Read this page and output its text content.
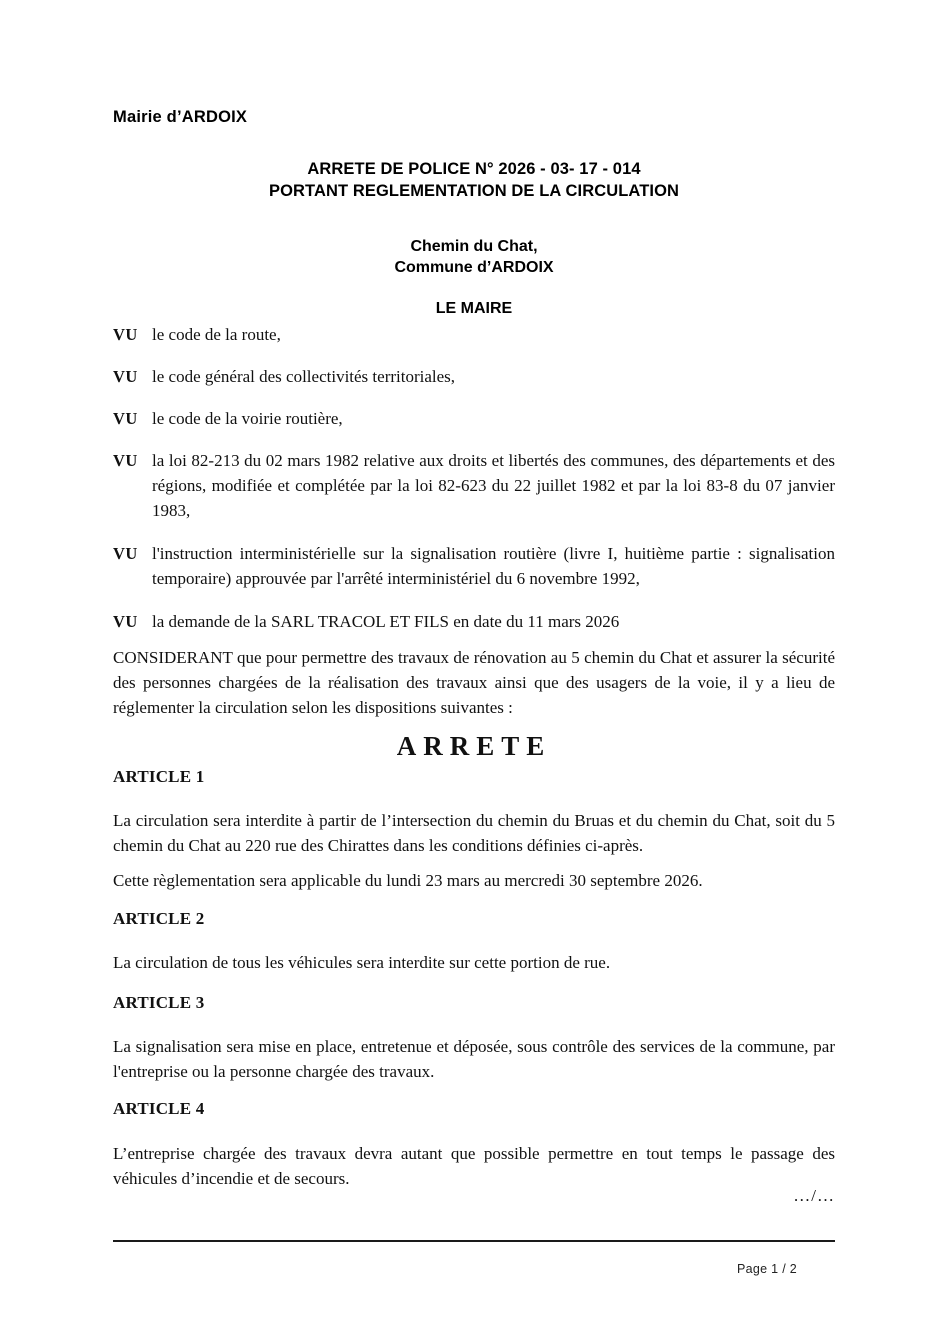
Mairie d’ARDOIX
ARRETE DE POLICE N° 2026 - 03- 17 - 014
PORTANT REGLEMENTATION DE LA CIRCULATION
Chemin du Chat,
Commune d’ARDOIX
LE MAIRE
VU le code de la route,
VU le code général des collectivités territoriales,
VU le code de la voirie routière,
VU la loi 82-213 du 02 mars 1982 relative aux droits et libertés des communes, des départements et des régions, modifiée et complétée par la loi 82-623 du 22 juillet 1982 et par la loi 83-8 du 07 janvier 1983,
VU l'instruction interministérielle sur la signalisation routière (livre I, huitième partie : signalisation temporaire) approuvée par l'arrêté interministériel du 6 novembre 1992,
VU la demande de la SARL TRACOL ET FILS en date du 11 mars 2026
CONSIDERANT que pour permettre des travaux de rénovation au 5 chemin du Chat et assurer la sécurité des personnes chargées de la réalisation des travaux ainsi que des usagers de la voie, il y a lieu de réglementer la circulation selon les dispositions suivantes :
ARRETE
ARTICLE 1
La circulation sera interdite à partir de l’intersection du chemin du Bruas et du chemin du Chat, soit du 5 chemin du Chat au 220 rue des Chirattes dans les conditions définies ci-après.
Cette règlementation sera applicable du lundi 23 mars au mercredi 30 septembre 2026.
ARTICLE 2
La circulation de tous les véhicules sera interdite sur cette portion de rue.
ARTICLE 3
La signalisation sera mise en place, entretenue et déposée, sous contrôle des services de la commune, par l'entreprise ou la personne chargée des travaux.
ARTICLE 4
L’entreprise chargée des travaux devra autant que possible permettre en tout temps le passage des véhicules d’incendie et de secours.
…/…
Page 1 / 2
